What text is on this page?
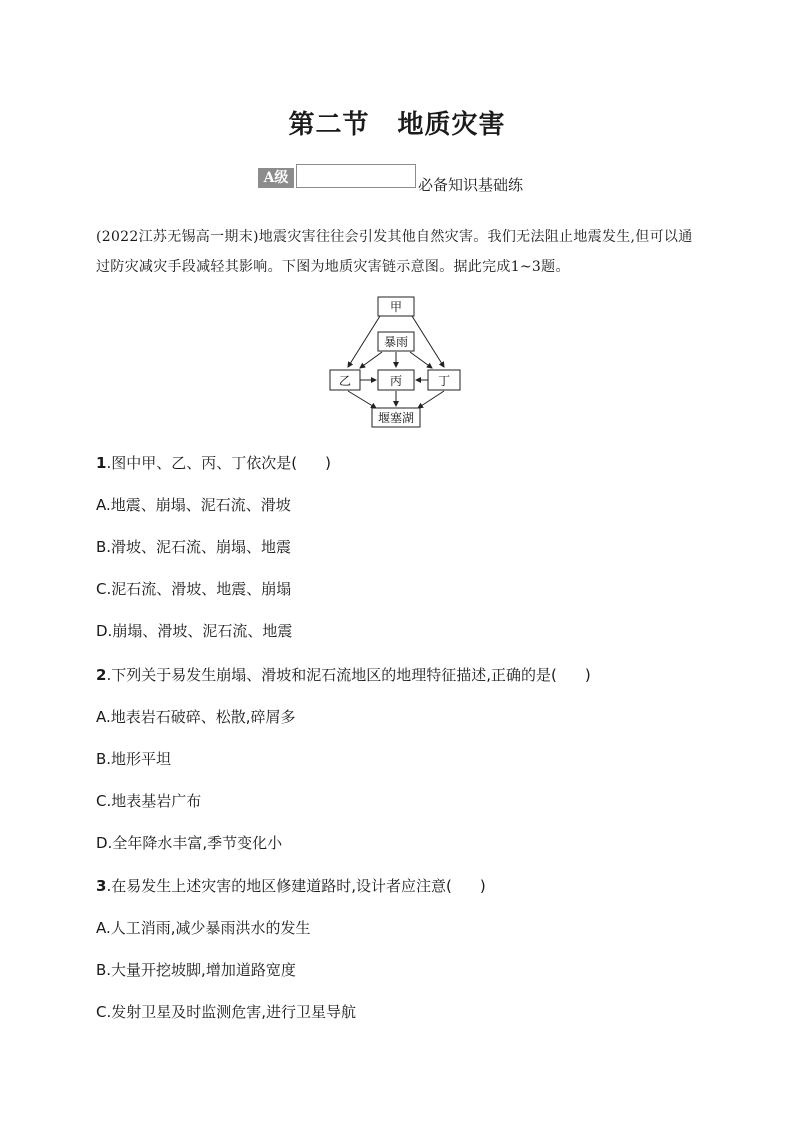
第二节 地质灾害
A级	必备知识基础练
(2022江苏无锡高一期末)地震灾害往往会引发其他自然灾害。我们无法阻止地震发生,但可以通过防灾减灾手段减轻其影响。下图为地质灾害链示意图。据此完成1~3题。
甲
暴雨
乙	丙	丁
堰塞湖
1.图中甲、乙、丙、丁依次是( )
A.地震、崩塌、泥石流、滑坡
B.滑坡、泥石流、崩塌、地震
C.泥石流、滑坡、地震、崩塌
D.崩塌、滑坡、泥石流、地震
2.下列关于易发生崩塌、滑坡和泥石流地区的地理特征描述,正确的是( )
A.地表岩石破碎、松散,碎屑多
B.地形平坦
C.地表基岩广布
D.全年降水丰富,季节变化小
3.在易发生上述灾害的地区修建道路时,设计者应注意( )
A.人工消雨,减少暴雨洪水的发生
B.大量开挖坡脚,增加道路宽度
C.发射卫星及时监测危害,进行卫星导航
